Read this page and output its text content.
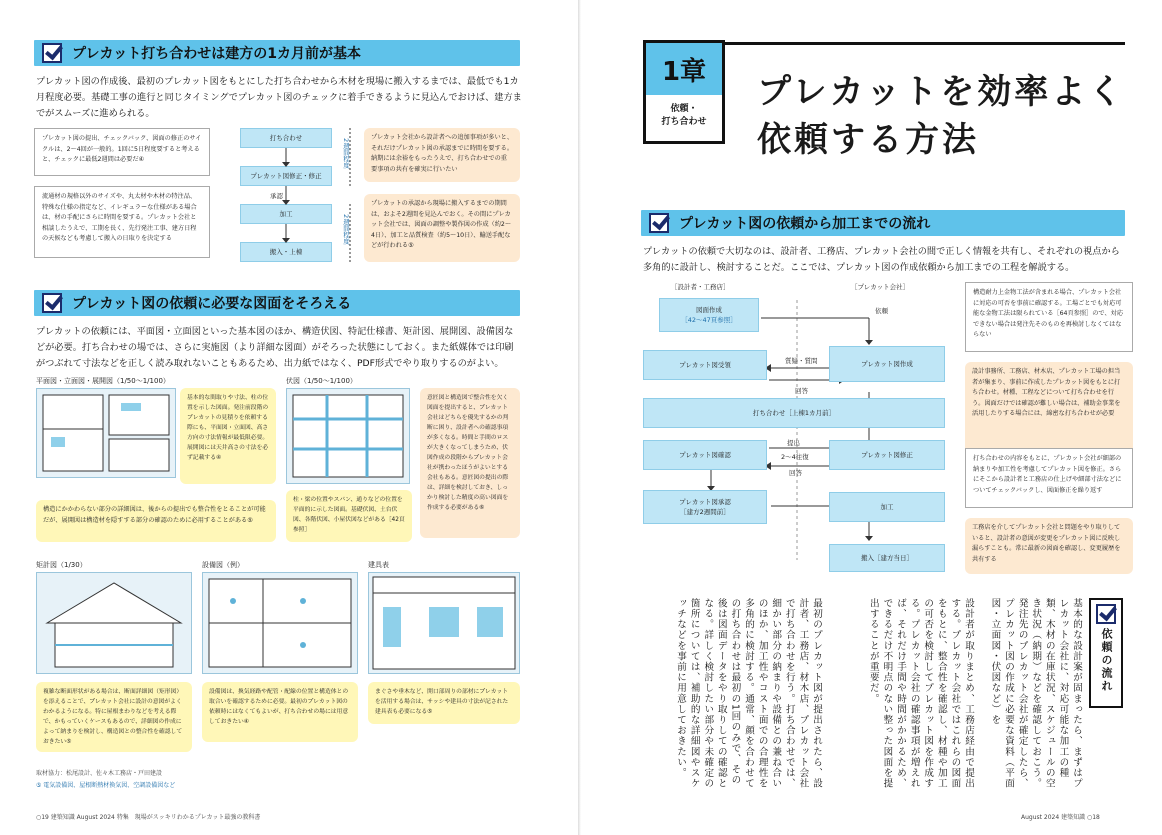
プレカット打ち合わせは建方の1カ月前が基本
プレカット図の作成後、最初のプレカット図をもとにした打ち合わせから木材を現場に搬入するまでは、最低でも1カ月程度必要。基礎工事の進行と同じタイミングでプレカット図のチェックに着手できるように見込んでおけば、建方までがスムーズに進められる。
プレカット図の提出、チェックバック、図面の修正のサイクルは、2～4回が一般的。1回に5日程度要すると考えると、チェックに最低2週間は必要だ④
流通材の規格以外のサイズや、丸太材や木材の特注品、特殊な仕様の指定など、イレギュラーな仕様がある場合は、材の手配にさらに時間を要する。プレカット会社と相談したうえで、工期を長く、先行発注工事、建方日程の天候なども考慮して搬入の日取りを決定する
打ち合わせ
プレカット図修正・修正
承認
加工
搬入・上棟
2週間程度
2週間程度
プレカット会社から設計者への追加事項が多いと、それだけプレカット図の承認までに時間を要する。納期には余裕をもったうえで、打ち合わせでの重要事項の共有を確実に行いたい
プレカットの承認から現場に搬入するまでの期間は、およそ2週間を見込んでおく。その間にプレカット会社では、図面の調整や製作図の作成（約2～4日）、加工と品質検査（約5～10日）、輸送手配などが行われる⑤
プレカット図の依頼に必要な図面をそろえる
プレカットの依頼には、平面図・立面図といった基本図のほか、構造伏図、特記仕様書、矩計図、展開図、設備図などが必要。打ち合わせの場では、さらに実施図（より詳細な図面）がそろった状態にしておく。また紙媒体では印刷がつぶれて寸法などを正しく読み取れないこともあるため、出力紙ではなく、PDF形式でやり取りするのがよい。
平面図・立面図・展開図（1/50～1/100）
基本的な間取りや寸法、柱の位置を示した図面。発注前段階のプレカットの見積りを依頼する際にも、平面図・立面図、高さ方向の寸法情報が最低限必要。展開図には天井高さの寸法を必ず記載する④
構造にかかわらない部分の詳細図は、後からの提出でも整合性をとることが可能だが、展開図は構造材を隠すする部分の確認のために必用することがある⑤
伏図（1/50～1/100）
意匠図と構造図で整合性を欠く図面を提出すると、プレカット会社はどちらを優先するかの判断に困り、設計者への確認事項が多くなる。時間と手間のロスが大きくなってしまうため、伏図作成の段階からプレカット会社が携わったほうがよいとする会社もある。意匠図の提出の際は、詳細を検討しておき、しっかり検討した精度の高い図面を作成する必要がある⑥
柱・梁の位置やスパン、通りなどの位置を平面的に示した図面。基礎伏図、土台伏図、各階伏図、小屋伏図などがある［42頁参照］
矩計図（1/30）
複雑な断面形状がある場合は、断面詳細図（矩形図）を添えることで、プレカット会社に設計の意図がよくわかるようになる。特に屋根まわりなどを考える際で、かもっていくケースもあるので、詳細図の作成によって納まりを検討し、構造図との整合性を確認しておきたい⑤
設備図（例）
設備図は、換気経路や配管・配線の位置と構造体との取合いを確認するために必要。最初のプレカット図の依頼時にはなくてもよいが、打ち合わせの場には用意しておきたい④
建具表
まぐさや垂木など、開口部周りの部材にプレカットを活用する場合は、サッシや建具の寸法が記された建具表も必要になる⑤
取材協力：松尾設計、佐々木工務店・戸田建設
⑤ 電気設備図、屋根断熱材換気図、空調設備図など
○19 建築知識 August 2024 特集　現場がスッキリわかるプレカット最強の教科書
1章
依頼・
打ち合わせ
プレカットを効率よく
依頼する方法
プレカット図の依頼から加工までの流れ
プレカットの依頼で大切なのは、設計者、工務店、プレカット会社の間で正しく情報を共有し、それぞれの視点から多角的に設計し、検討することだ。ここでは、プレカット図の作成依頼から加工までの工程を解説する。
［設計者・工務店］	［プレカット会社］
図面作成
［42～47頁参照］
依頼
プレカット図受領	プレカット図作成
質疑・質問
回答
打ち合わせ［上棟1カ月前］
プレカット図確認	プレカット図修正
提出
2～4往復
回答
プレカット図承認
［建方2週間前］
加工
搬入［建方当日］
構造耐力上金物工法が含まれる場合、プレカット会社に対応の可否を事前に確認する。工場ごとでも対応可能な金物工法は限られている［64頁参照］ので、対応できない場合は発注先そのものを再検討しなくてはならない
設計事務所、工務店、材木店、プレカット工場の担当者が集まり、事前に作成したプレカット図をもとに打ち合わせ。材種、工程などについて打ち合わせを行う。図面だけでは確認が難しい場合は、補助金事業を活用したりする場合には、綿密な打ち合わせが必要
打ち合わせの内容をもとに、プレカット会社が細部の納まりや加工性を考慮してプレカット図を修正。さらにそこから設計者と工務店の仕上げや細部寸法などについてチェックバックし、図面修正を繰り返す
工務店を介してプレカット会社と問題をやり取りしていると、設計者の意図が変更をプレカット図に反映し漏らすことも。常に最新の図面を確認し、変更履歴を共有する
依頼の流れ
基本的な設計案が固まったら、まずはプレカット会社に、対応可能な加工の種類、木材の在庫状況、スケジュールの空き状況（納期）などを確認しておこう。発注先のプレカット会社が確定したら、プレカット図の作成に必要な資料（平面図・立面図・伏図など）を
設計者が取りまとめ、工務店経由で提出する。プレカット会社ではこれらの図面をもとに、整合性を確認し、材種や加工の可否を検討してプレカット図を作成する。プレカット会社の確認事項が増えれば、それだけ手間や時間がかかるため、できるだけ不明点のない整った図面を提出することが重要だ。
最初のプレカット図が提出されたら、設計者、工務店、材木店、プレカット会社で打ち合わせを行う。打ち合わせでは、細かい部分の納まりや設備との兼ね合いのほか、加工性やコスト面での合理性を多角的に検討する。通常、顔を合わせての打ち合わせは最初の1回のみで、その後は図面データをやり取りしての確認となる。詳しく検討したい部分や未確定の箇所については、補助的な詳細図やスケッチなどを事前に用意しておきたい。
August 2024 建築知識 ○18
